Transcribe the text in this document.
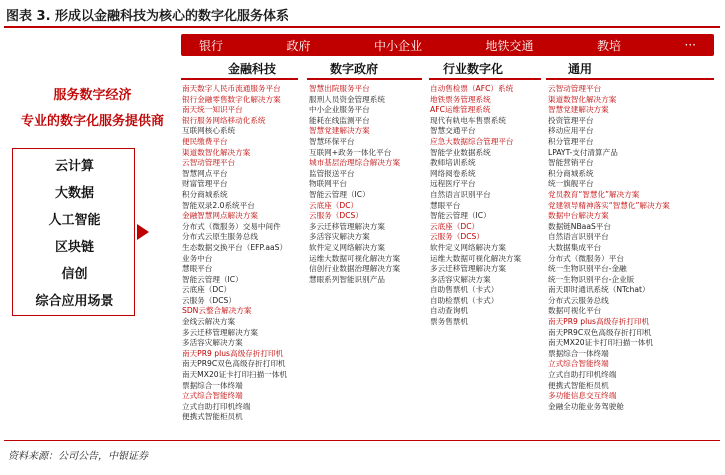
图表 3. 形成以金融科技为核心的数字化服务体系
银行	政府	中小企业	地铁交通	教培	···
服务数字经济
专业的数字化服务提供商
云计算
大数据
人工智能
区块链
信创
综合应用场景
金融科技	数字政府	行业数字化	通用
南天数字人民币流通服务平台
银行金融零售数字化解决方案
南天统一知识平台
银行服务网络移动化系统
互联网核心系统
便民缴费平台
渠道数智化解决方案
云智动管理平台
智慧网点平台
财富管理平台
积分商城系统
智能双录2.0系统平台
金融智慧网点解决方案
分布式（微服务）交易中间件
分布式云原生服务总线
生态数据交换平台（EFP.aaS）
业务中台
慧眼平台
智能云管理（IC）
云底座（DC）
云服务（DCS）
SDN云整合解决方案
金线云解决方案
多云迁移管理解决方案
多活容灾解决方案
南天PR9 plus高级存折打印机
南天PR9C双色高级存折打印机
南天MX20证卡打印扫描一体机
票据综合一体终端
立式综合智能终端
立式自助打印机终端
便携式智能柜员机
智慧出院服务平台
服刑人员资金管理系统
中小企业服务平台
能耗在线监测平台
智慧党建解决方案
智慧环保平台
互联网+政务一体化平台
城市基层治理综合解决方案
监管报送平台
物联网平台
智能云管理（IC）
云底座（DC）
云服务（DCS）
多云迁移管理解决方案
多活容灾解决方案
软件定义网络解决方案
运维大数据可视化解决方案
信创行业数据治理解决方案
慧眼系列智能识别产品
自动售检票（AFC）系统
地铁票务管理系统
AFC运维管理系统
现代有轨电车售票系统
智慧交通平台
应急大数据综合管理平台
智能学业数据系统
教师培训系统
网络阅卷系统
远程医疗平台
自然语言识别平台
慧眼平台
智能云管理（IC）
云底座（DC）
云服务（DCS）
软件定义网络解决方案
运维大数据可视化解决方案
多云迁移管理解决方案
多活容灾解决方案
自助售票机（卡式）
自助检票机（卡式）
自动查询机
票务售票机
云智动管理平台
渠道数智化解决方案
智慧党建解决方案
投资管理平台
移动应用平台
积分管理平台
LPAYT-支付清算产品
智能营销平台
积分商城系统
统一旗舰平台
党员教育“智慧化”解决方案
党建领导精神落实“智慧化”解决方案
数据中台解决方案
数据链NBaaS平台
自然语言识别平台
大数据集成平台
分布式（微服务）平台
统一生物识别平台-金融
统一生物识别平台-企业版
南天即时通讯系统（NTchat）
分布式云服务总线
数据可视化平台
南天PR9 plus高级存折打印机
南天PR9C双色高级存折打印机
南天MX20证卡打印扫描一体机
票据综合一体终端
立式综合智能终端
立式自助打印机终端
便携式智能柜员机
多功能信息交互终端
金融全功能业务驾驶舱
资料来源：公司公告，中银证券
